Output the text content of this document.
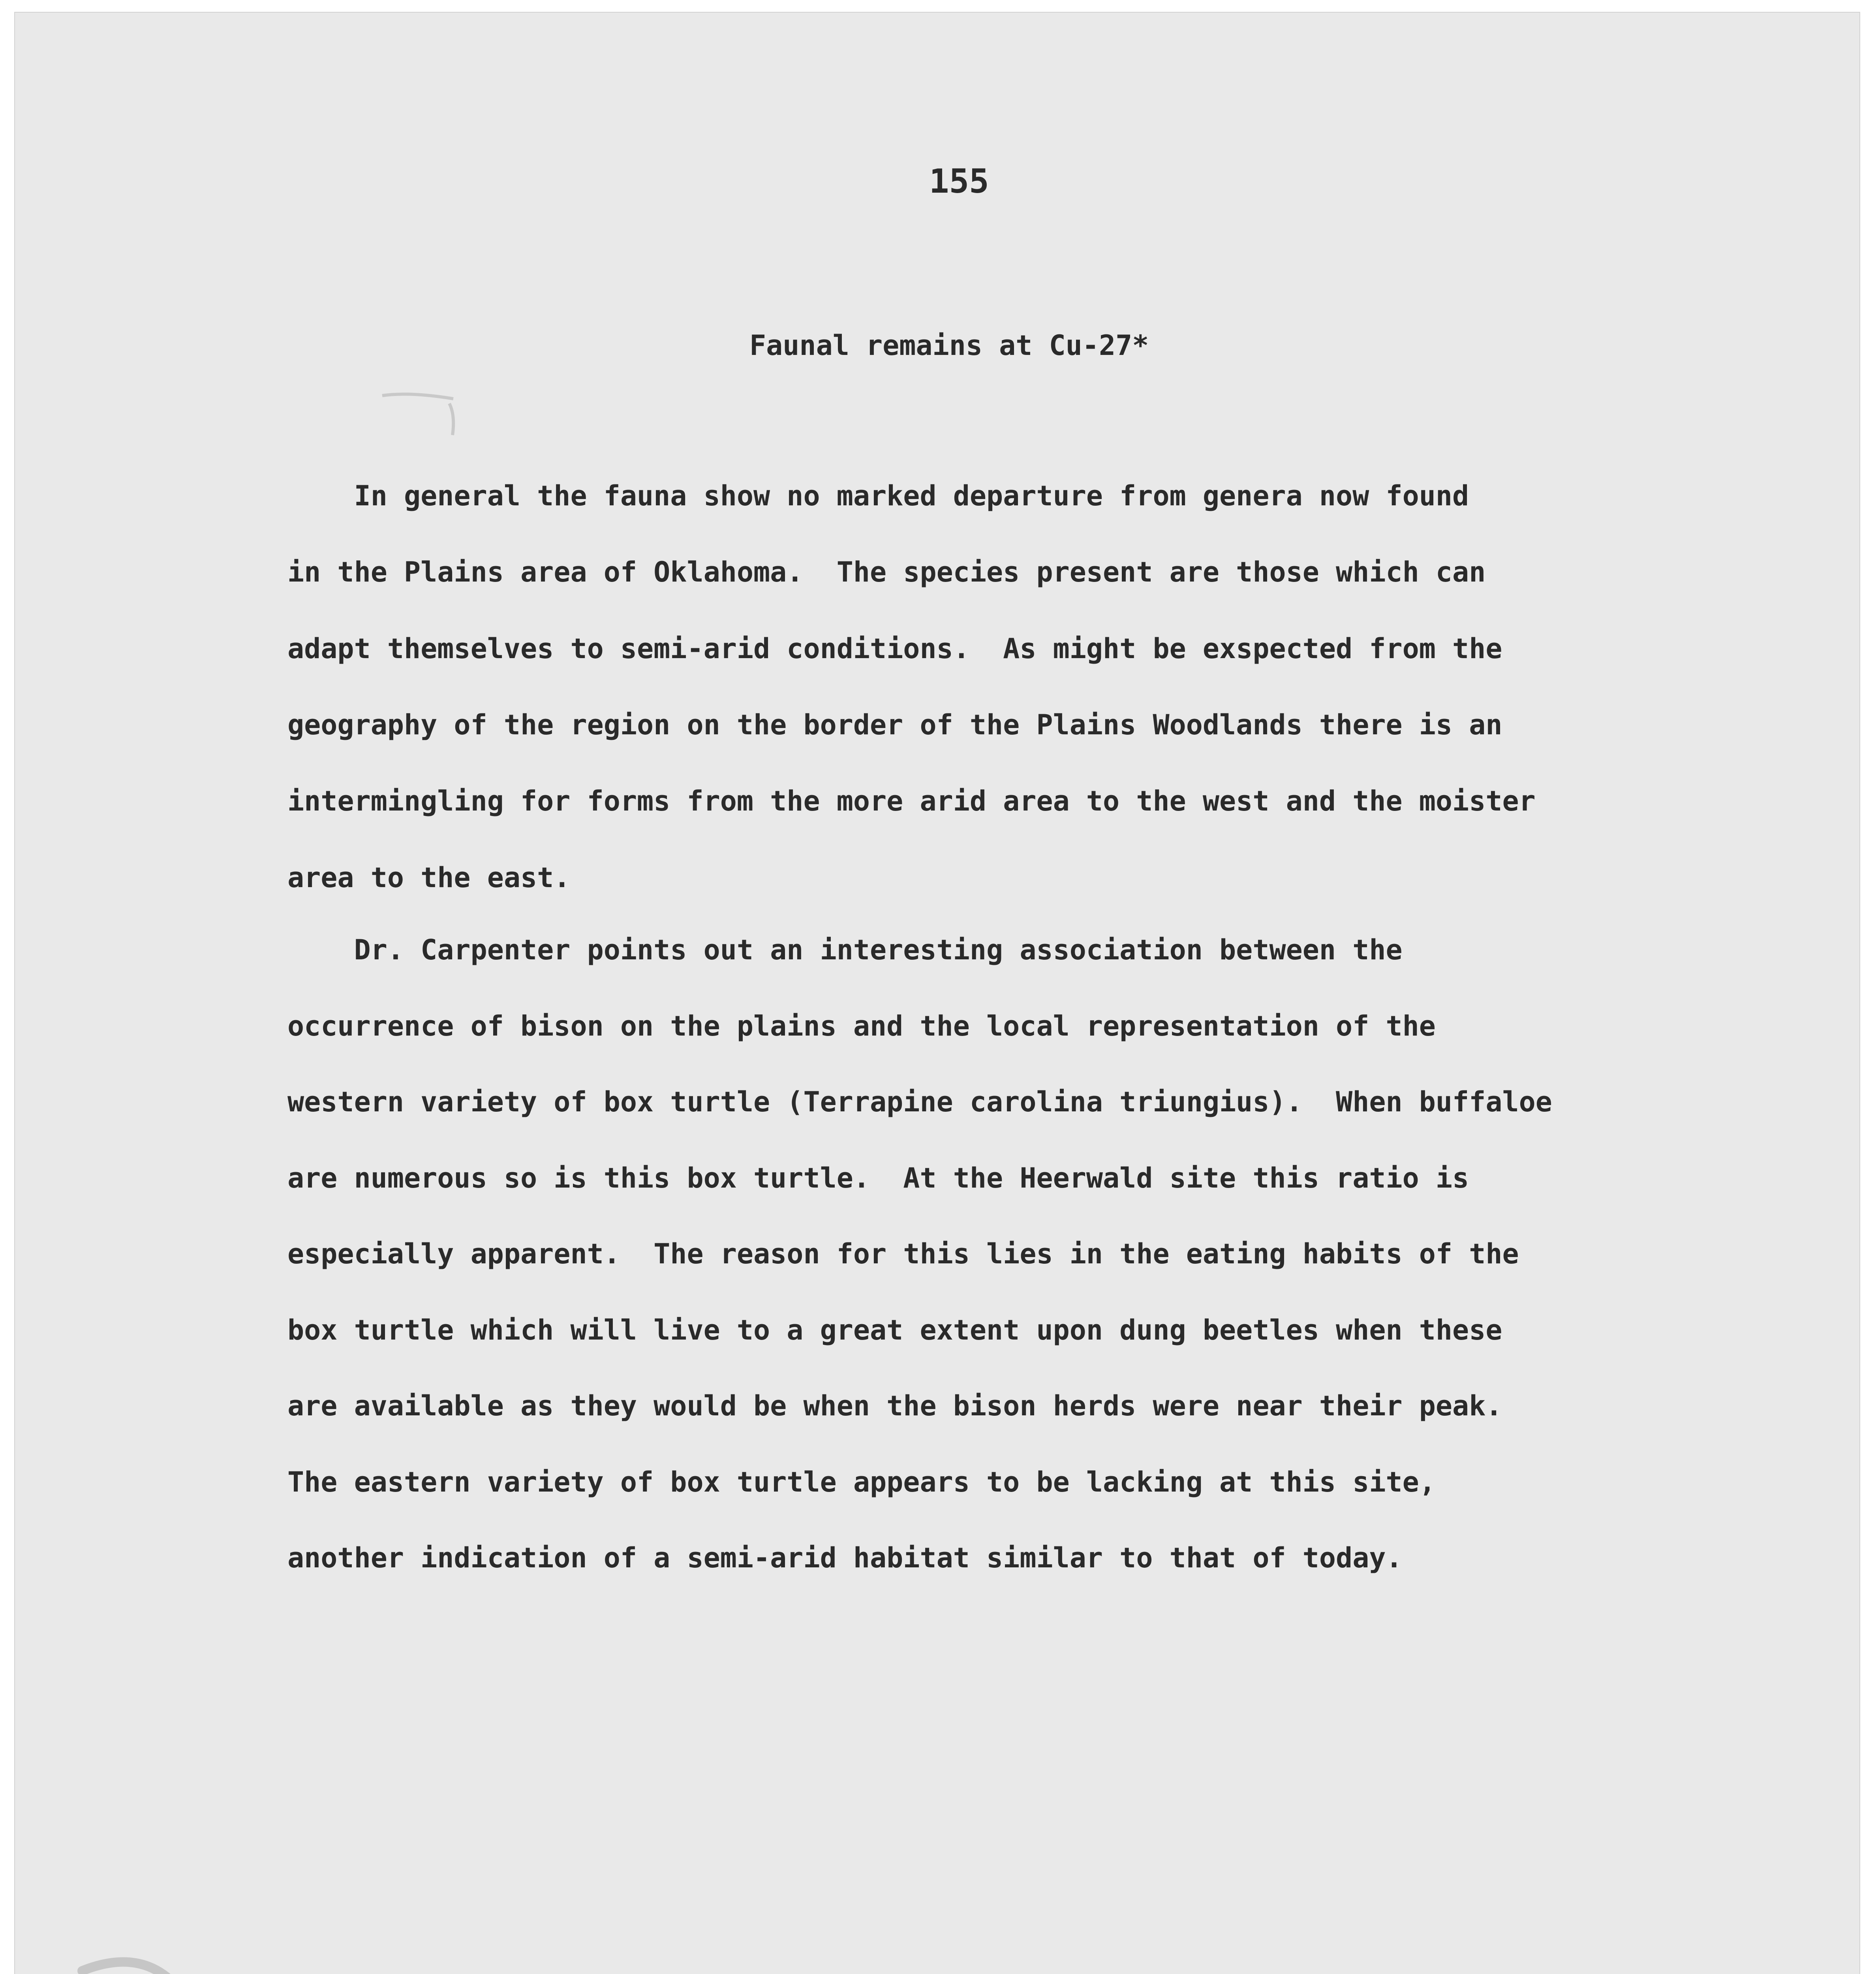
155
Faunal remains at Cu-27*
In general the fauna show no marked departure from genera now found
in the Plains area of Oklahoma.  The species present are those which can
adapt themselves to semi-arid conditions.  As might be exspected from the
geography of the region on the border of the Plains Woodlands there is an
intermingling for forms from the more arid area to the west and the moister
area to the east.
Dr. Carpenter points out an interesting association between the
occurrence of bison on the plains and the local representation of the
western variety of box turtle (Terrapine carolina triungius).  When buffaloe
are numerous so is this box turtle.  At the Heerwald site this ratio is
especially apparent.  The reason for this lies in the eating habits of the
box turtle which will live to a great extent upon dung beetles when these
are available as they would be when the bison herds were near their peak.
The eastern variety of box turtle appears to be lacking at this site,
another indication of a semi-arid habitat similar to that of today.
